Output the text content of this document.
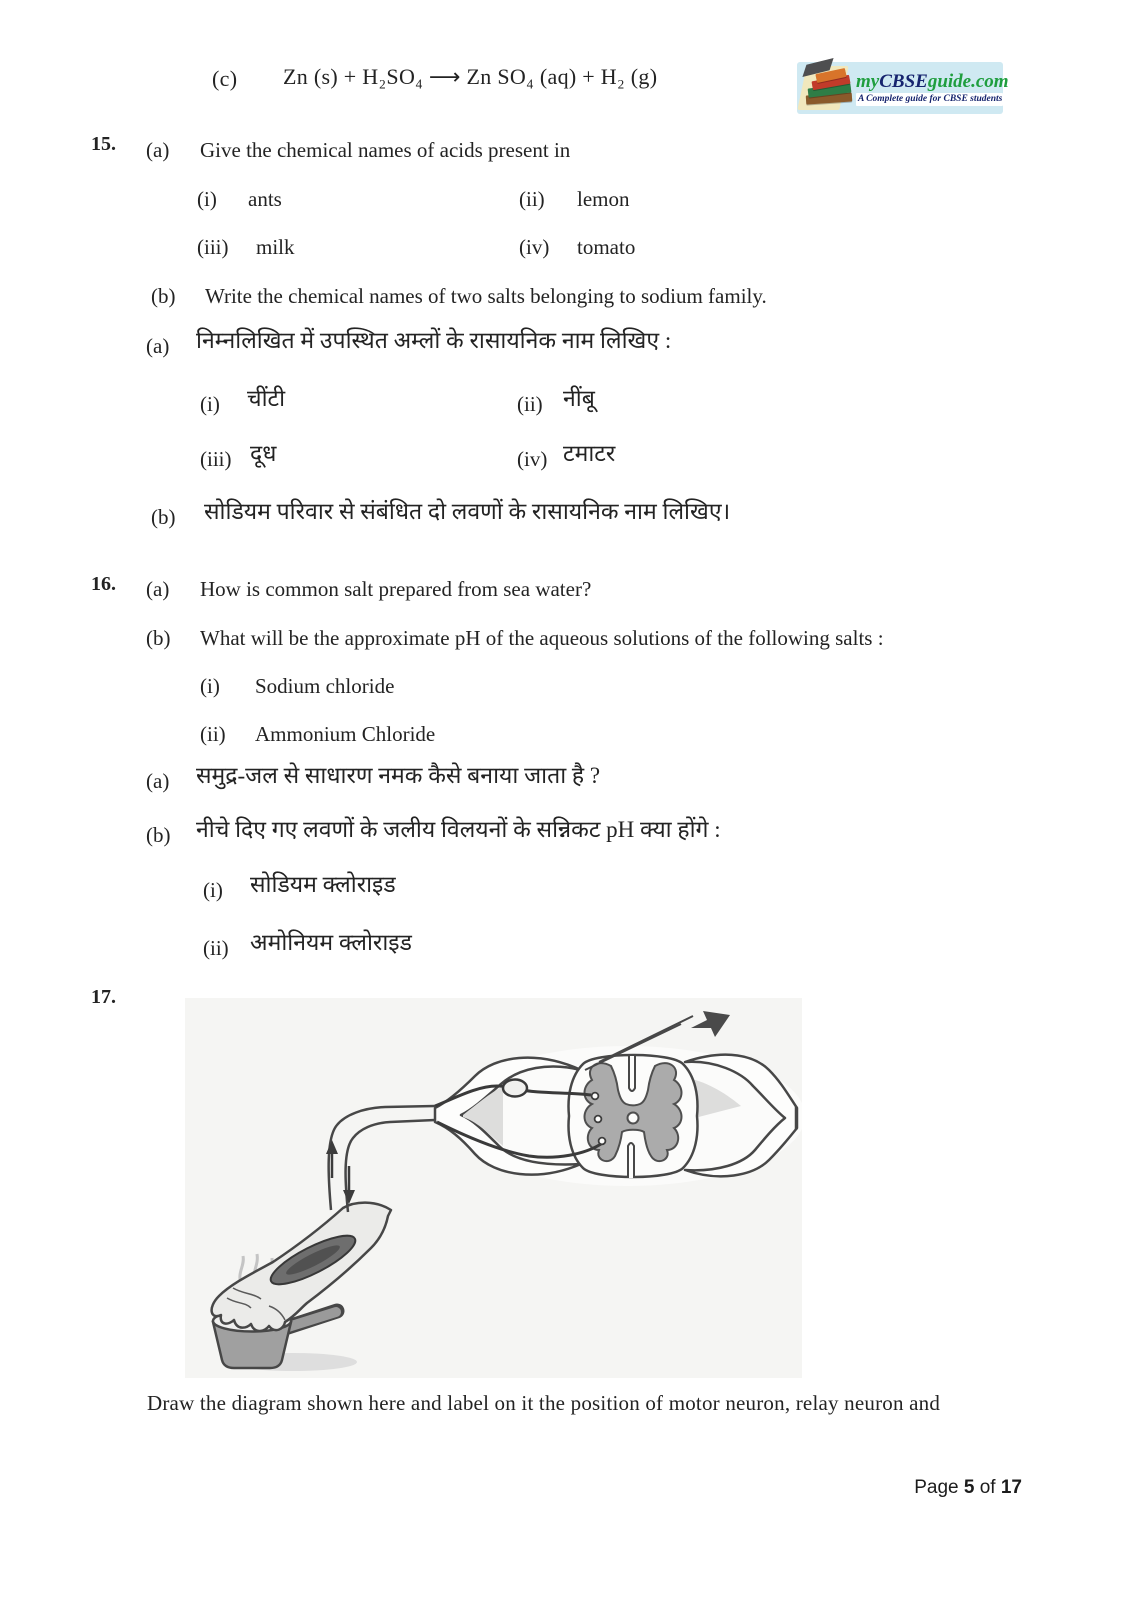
(c) Zn (s) + H₂SO₄ ⟶ Zn SO₄ (aq) + H₂ (g)	myCBSEguide.com
A Complete guide for CBSE students
15. (a) Give the chemical names of acids present in
(i) ants	(ii) lemon
(iii) milk	(iv) tomato
(b) Write the chemical names of two salts belonging to sodium family.
(a) निम्नलिखित में उपस्थित अम्लों के रासायनिक नाम लिखिए :
(i) चींटी	(ii) नींबू
(iii) दूध	(iv) टमाटर
(b) सोडियम परिवार से संबंधित दो लवणों के रासायनिक नाम लिखिए।
16. (a) How is common salt prepared from sea water?
(b) What will be the approximate pH of the aqueous solutions of the following salts :
(i) Sodium chloride
(ii) Ammonium Chloride
(a) समुद्र-जल से साधारण नमक कैसे बनाया जाता है ?
(b) नीचे दिए गए लवणों के जलीय विलयनों के सन्निकट pH क्या होंगे :
(i) सोडियम क्लोराइड
(ii) अमोनियम क्लोराइड
17.
Draw the diagram shown here and label on it the position of motor neuron, relay neuron and
Page 5 of 17
